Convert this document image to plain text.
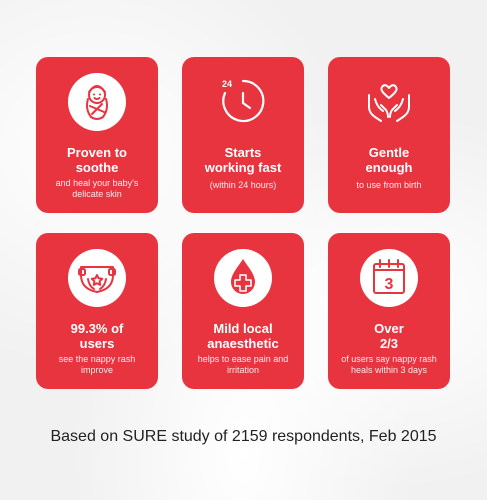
Proven to
soothe
and heal your baby's
delicate skin
24
Starts
working fast
(within 24 hours)
Gentle
enough
to use from birth
99.3% of
users
see the nappy rash
improve
Mild local
anaesthetic
helps to ease pain and
irritation
3
Over
2/3
of users say nappy rash
heals within 3 days
Based on SURE study of 2159 respondents, Feb 2015
